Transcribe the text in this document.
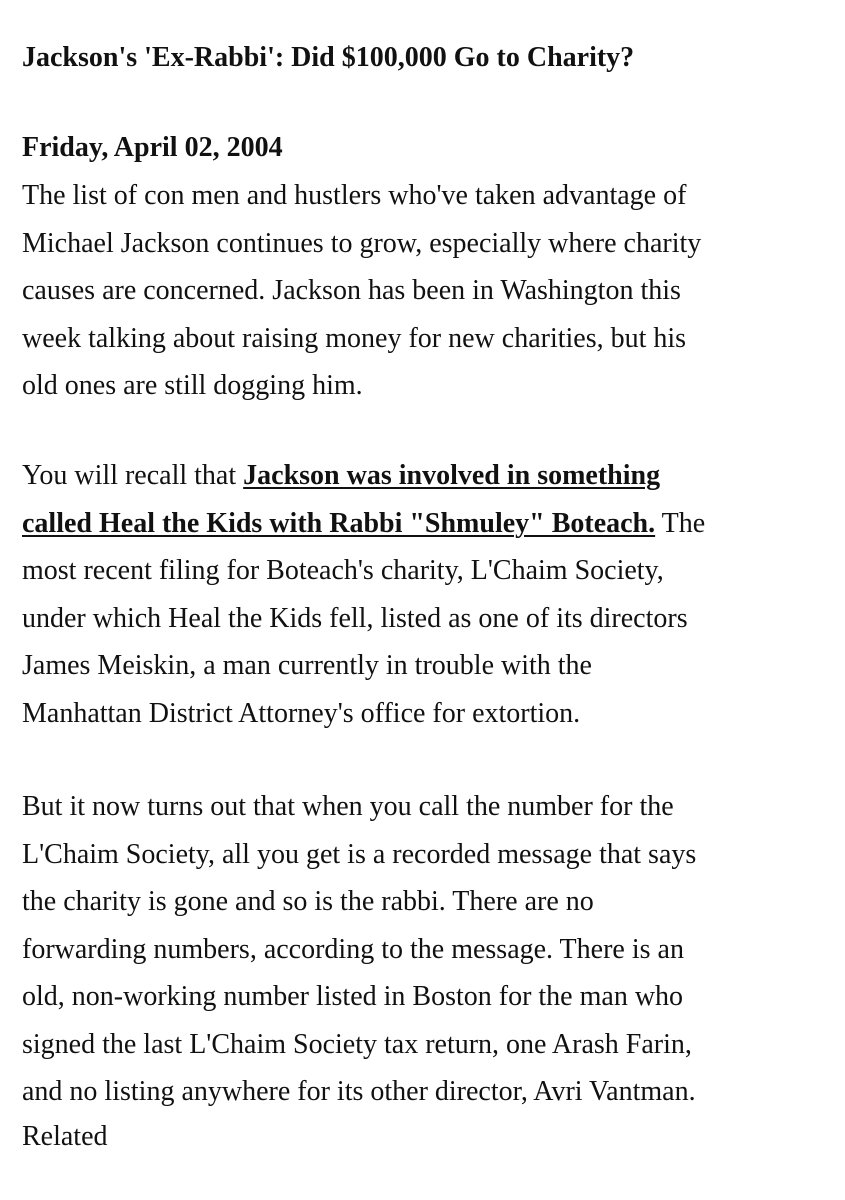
Jackson's 'Ex-Rabbi': Did $100,000 Go to Charity?
Friday, April 02, 2004

The list of con men and hustlers who've taken advantage of
Michael Jackson continues to grow, especially where charity
causes are concerned. Jackson has been in Washington this
week talking about raising money for new charities, but his
old ones are still dogging him.

You will recall that Jackson was involved in something
called Heal the Kids with Rabbi "Shmuley" Boteach. The
most recent filing for Boteach's charity, L'Chaim Society,
under which Heal the Kids fell, listed as one of its directors
James Meiskin, a man currently in trouble with the
Manhattan District Attorney's office for extortion.

But it now turns out that when you call the number for the
L'Chaim Society, all you get is a recorded message that says
the charity is gone and so is the rabbi. There are no
forwarding numbers, according to the message. There is an
old, non-working number listed in Boston for the man who
signed the last L'Chaim Society tax return, one Arash Farin,
and no listing anywhere for its other director, Avri Vantman.

Related
